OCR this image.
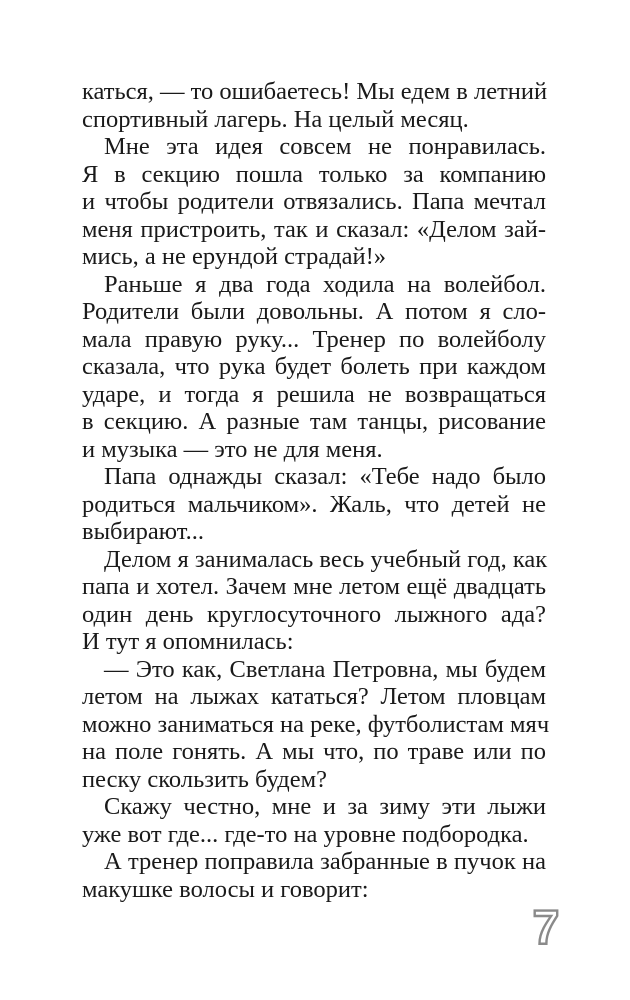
каться, — то ошибаетесь! Мы едем в летний
спортивный лагерь. На целый месяц.
Мне эта идея совсем не понравилась.
Я в секцию пошла только за компанию
и чтобы родители отвязались. Папа мечтал
меня пристроить, так и сказал: «Делом зай-
мись, а не ерундой страдай!»
Раньше я два года ходила на волейбол.
Родители были довольны. А потом я сло-
мала правую руку... Тренер по волейболу
сказала, что рука будет болеть при каждом
ударе, и тогда я решила не возвращаться
в секцию. А разные там танцы, рисование
и музыка — это не для меня.
Папа однажды сказал: «Тебе надо было
родиться мальчиком». Жаль, что детей не
выбирают...
Делом я занималась весь учебный год, как
папа и хотел. Зачем мне летом ещё двадцать
один день круглосуточного лыжного ада?
И тут я опомнилась:
— Это как, Светлана Петровна, мы будем
летом на лыжах кататься? Летом пловцам
можно заниматься на реке, футболистам мяч
на поле гонять. А мы что, по траве или по
песку скользить будем?
Скажу честно, мне и за зиму эти лыжи
уже вот где... где-то на уровне подбородка.
А тренер поправила забранные в пучок на
макушке волосы и говорит:
7
